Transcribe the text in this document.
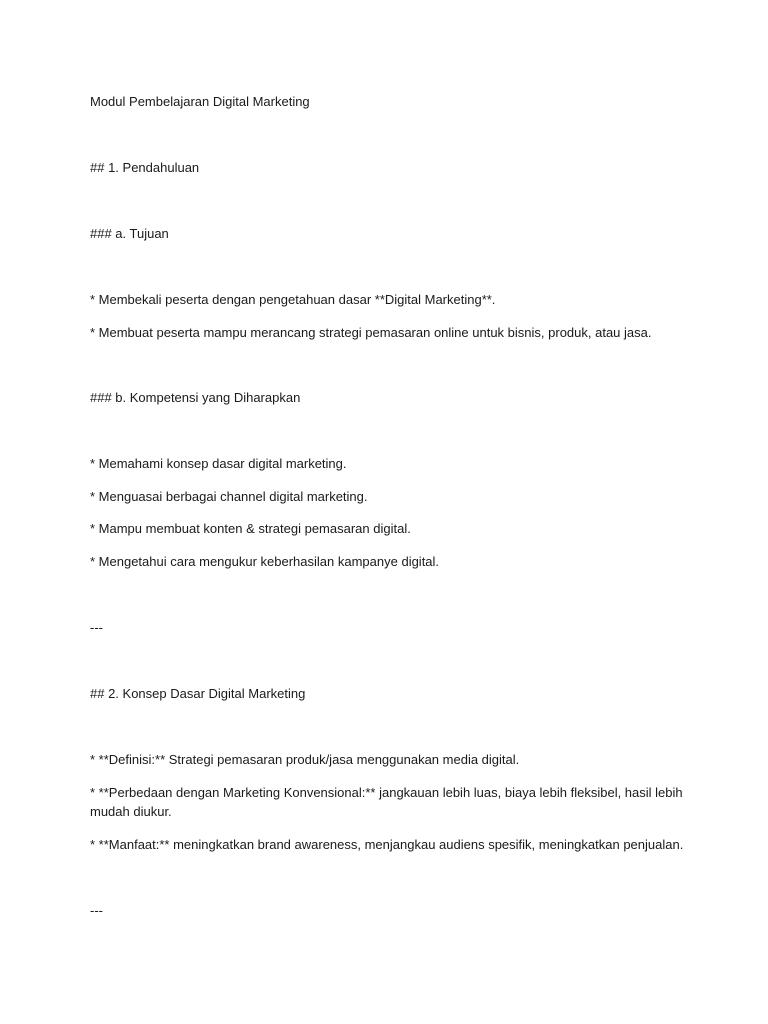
Modul Pembelajaran Digital Marketing
## 1. Pendahuluan
### a. Tujuan
* Membekali peserta dengan pengetahuan dasar **Digital Marketing**.
* Membuat peserta mampu merancang strategi pemasaran online untuk bisnis, produk, atau jasa.
### b. Kompetensi yang Diharapkan
* Memahami konsep dasar digital marketing.
* Menguasai berbagai channel digital marketing.
* Mampu membuat konten & strategi pemasaran digital.
* Mengetahui cara mengukur keberhasilan kampanye digital.
---
## 2. Konsep Dasar Digital Marketing
* **Definisi:** Strategi pemasaran produk/jasa menggunakan media digital.
* **Perbedaan dengan Marketing Konvensional:** jangkauan lebih luas, biaya lebih fleksibel, hasil lebih mudah diukur.
* **Manfaat:** meningkatkan brand awareness, menjangkau audiens spesifik, meningkatkan penjualan.
---
